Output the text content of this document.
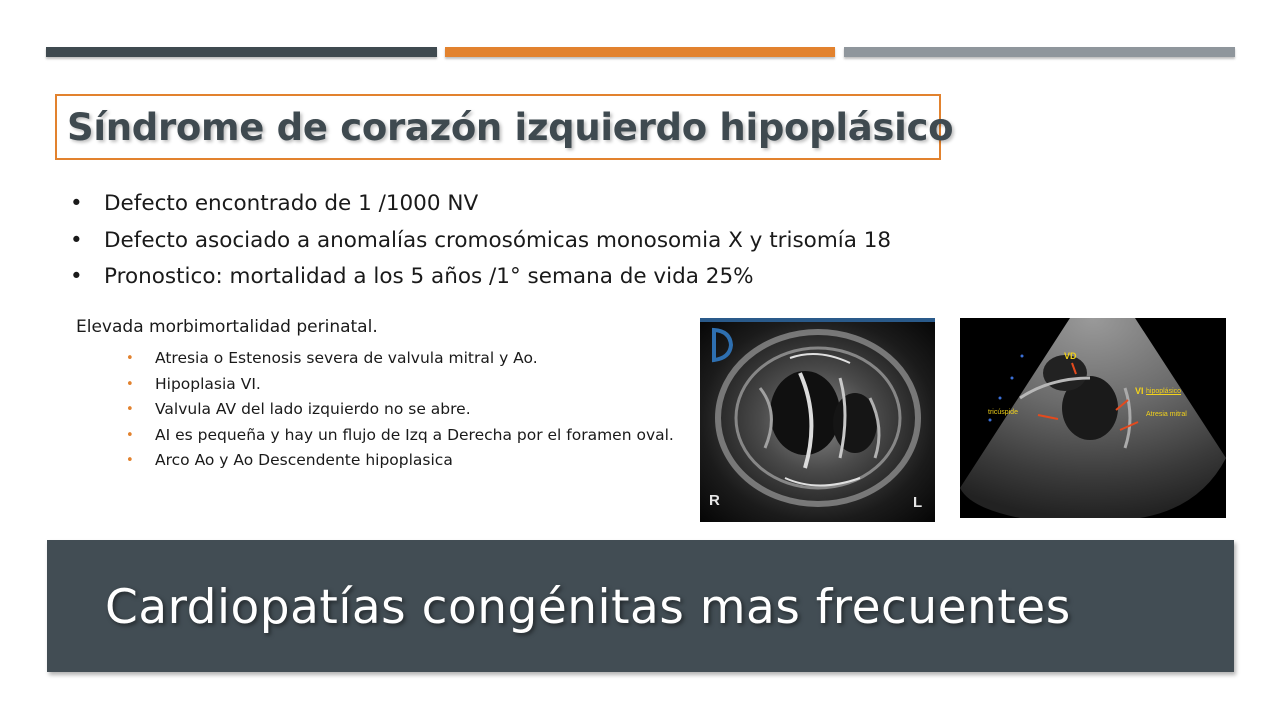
Síndrome de corazón izquierdo hipoplásico
• Defecto encontrado de 1 /1000 NV
• Defecto asociado a anomalías cromosómicas monosomia X y trisomía 18
• Pronostico: mortalidad a los 5 años /1° semana de vida 25%
Elevada morbimortalidad perinatal.
• Atresia o Estenosis severa de valvula mitral y Ao.
• Hipoplasia VI.
• Valvula AV del lado izquierdo no se abre.
• AI es pequeña y hay un flujo de Izq a Derecha por el foramen oval.
• Arco Ao y Ao Descendente hipoplasica
R	L
VD
VI hipoplásico
tricúspide	Atresia mitral
Cardiopatías congénitas mas frecuentes
